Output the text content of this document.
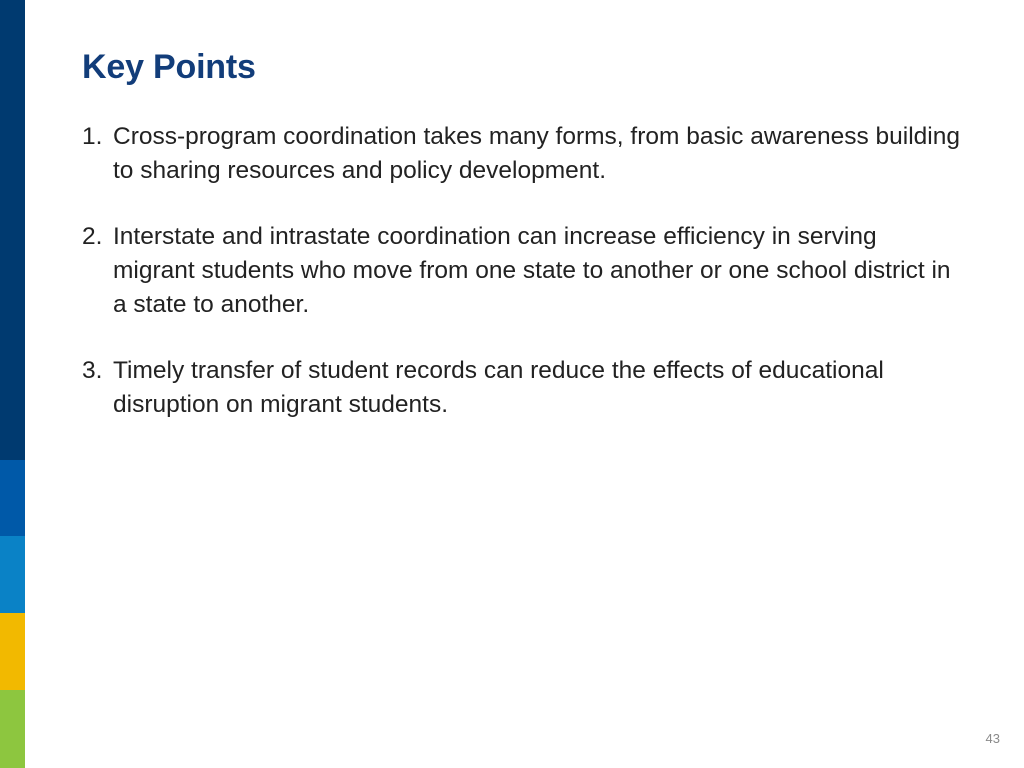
Key Points
1. Cross-program coordination takes many forms, from basic awareness building to sharing resources and policy development.
2. Interstate and intrastate coordination can increase efficiency in serving migrant students who move from one state to another or one school district in a state to another.
3. Timely transfer of student records can reduce the effects of educational disruption on migrant students.
43
